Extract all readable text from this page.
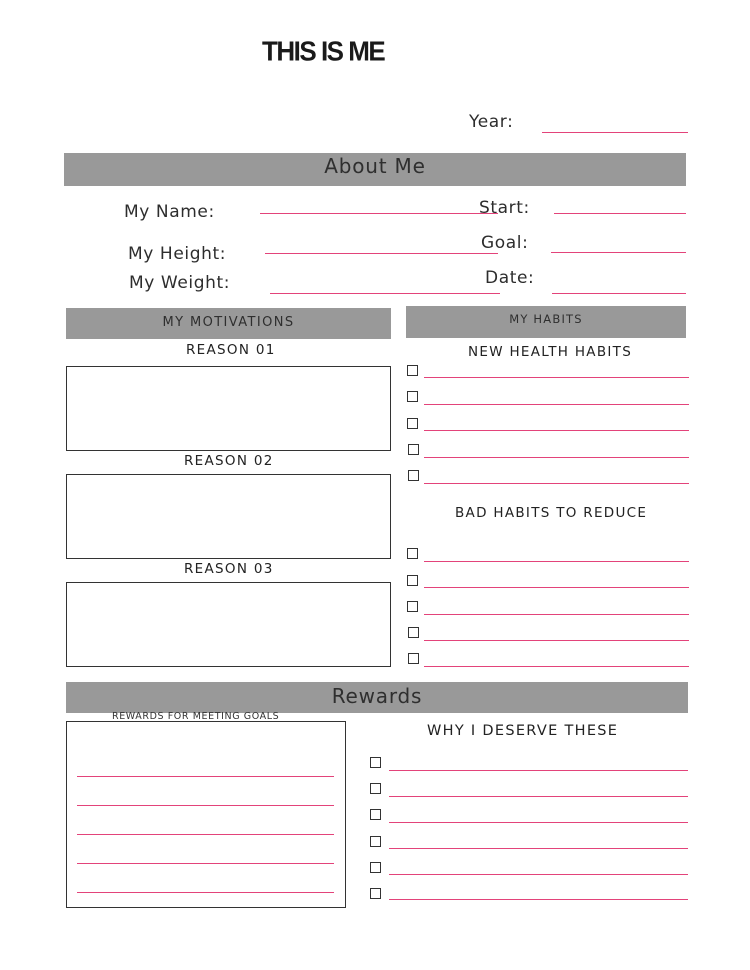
THIS IS ME
Year:
About Me
My Name:
My Height:
My Weight:
Start:
Goal:
Date:
MY MOTIVATIONS
REASON 01
REASON 02
REASON 03
MY HABITS
NEW HEALTH HABITS
BAD HABITS TO REDUCE
Rewards
REWARDS FOR MEETING GOALS
WHY I DESERVE THESE
